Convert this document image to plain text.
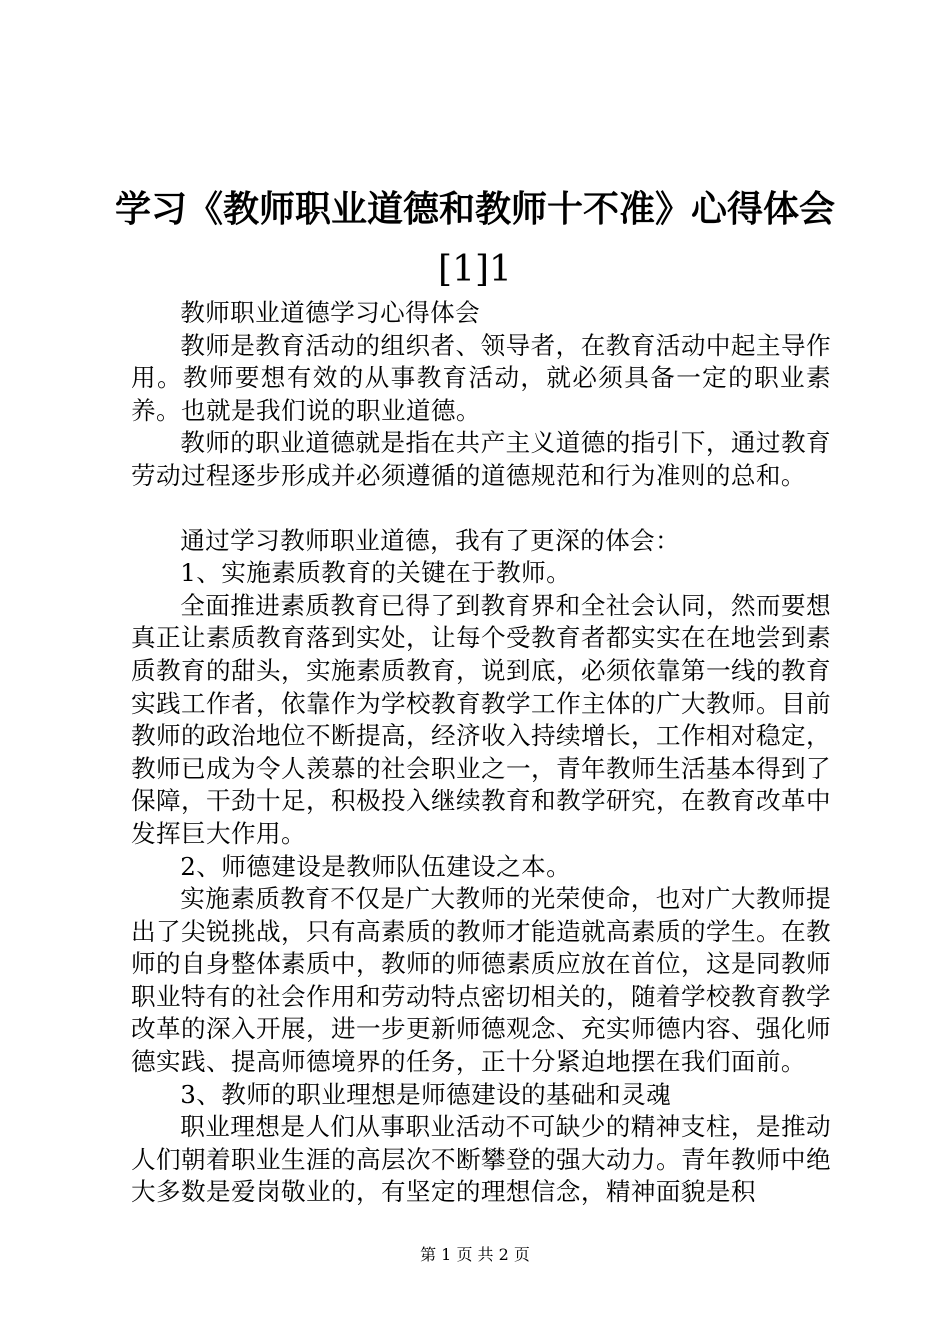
学习《教师职业道德和教师十不准》心得体会
[1]1

教师职业道德学习心得体会

教师是教育活动的组织者、领导者，在教育活动中起主导作用。教师要想有效的从事教育活动，就必须具备一定的职业素养。也就是我们说的职业道德。

教师的职业道德就是指在共产主义道德的指引下，通过教育劳动过程逐步形成并必须遵循的道德规范和行为准则的总和。

通过学习教师职业道德，我有了更深的体会：

1、实施素质教育的关键在于教师。

全面推进素质教育已得了到教育界和全社会认同，然而要想真正让素质教育落到实处，让每个受教育者都实实在在地尝到素质教育的甜头，实施素质教育，说到底，必须依靠第一线的教育实践工作者，依靠作为学校教育教学工作主体的广大教师。目前教师的政治地位不断提高，经济收入持续增长，工作相对稳定，教师已成为令人羡慕的社会职业之一，青年教师生活基本得到了保障，干劲十足，积极投入继续教育和教学研究，在教育改革中发挥巨大作用。

2、师德建设是教师队伍建设之本。

实施素质教育不仅是广大教师的光荣使命，也对广大教师提出了尖锐挑战，只有高素质的教师才能造就高素质的学生。在教师的自身整体素质中，教师的师德素质应放在首位，这是同教师职业特有的社会作用和劳动特点密切相关的，随着学校教育教学改革的深入开展，进一步更新师德观念、充实师德内容、强化师德实践、提高师德境界的任务，正十分紧迫地摆在我们面前。

3、教师的职业理想是师德建设的基础和灵魂

职业理想是人们从事职业活动不可缺少的精神支柱，是推动人们朝着职业生涯的高层次不断攀登的强大动力。青年教师中绝大多数是爱岗敬业的，有坚定的理想信念，精神面貌是积

第 1 页 共 2 页
